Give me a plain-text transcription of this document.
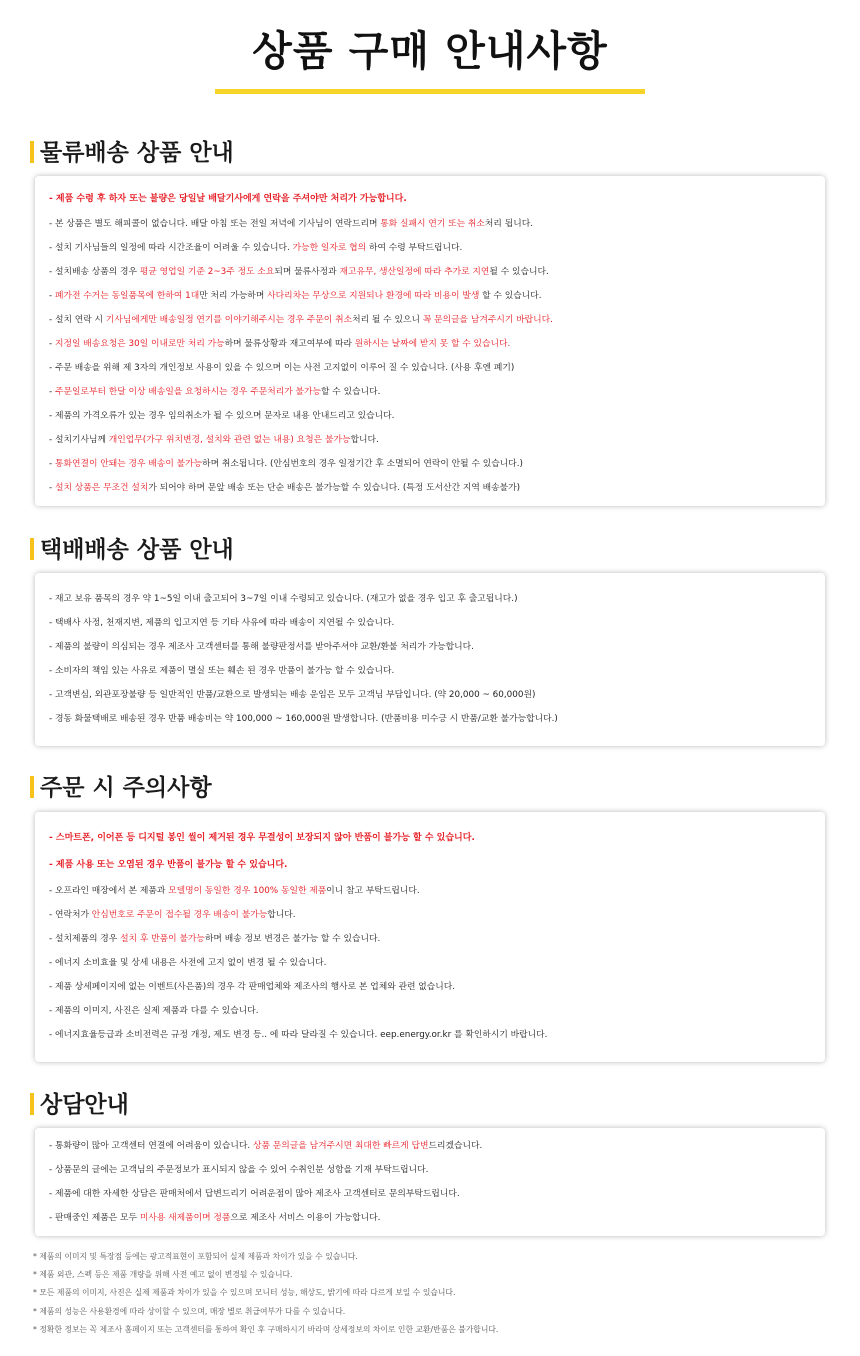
상품 구매 안내사항
물류배송 상품 안내
- 제품 수령 후 하자 또는 불량은 당일날 배달기사에게 연락을 주셔야만 처리가 가능합니다.
- 본 상품은 별도 해피콜이 없습니다. 배달 아침 또는 전일 저녁에 기사님이 연락드리며 통화 실패시 연기 또는 취소처리 됩니다.
- 설치 기사님들의 일정에 따라 시간조율이 어려울 수 있습니다. 가능한 일자로 협의 하여 수령 부탁드립니다.
- 설치배송 상품의 경우 평균 영업일 기준 2~3주 정도 소요되며 물류사정과 재고유무, 생산일정에 따라 추가로 지연될 수 있습니다.
- 폐가전 수거는 동일품목에 한하여 1대만 처리 가능하며 사다리차는 무상으로 지원되나 환경에 따라 비용이 발생 할 수 있습니다.
- 설치 연락 시 기사님에게만 배송일정 연기를 이야기해주시는 경우 주문이 취소처리 될 수 있으니 꼭 문의글을 남겨주시기 바랍니다.
- 지정일 배송요청은 30일 이내로만 처리 가능하며 물류상황과 재고여부에 따라 원하시는 날짜에 받지 못 할 수 있습니다.
- 주문 배송을 위해 제 3자의 개인정보 사용이 있을 수 있으며 이는 사전 고지없이 이루어 질 수 있습니다. (사용 후엔 폐기)
- 주문일로부터 한달 이상 배송일을 요청하시는 경우 주문처리가 불가능할 수 있습니다.
- 제품의 가격오류가 있는 경우 임의취소가 될 수 있으며 문자로 내용 안내드리고 있습니다.
- 설치기사님께 개인업무(가구 위치변경, 설치와 관련 없는 내용) 요청은 불가능합니다.
- 통화연결이 안돼는 경우 배송이 불가능하며 취소됩니다. (안심번호의 경우 일정기간 후 소멸되어 연락이 안될 수 있습니다.)
- 설치 상품은 무조건 설치가 되어야 하며 문앞 배송 또는 단순 배송은 불가능할 수 있습니다. (특정 도서산간 지역 배송불가)
택배배송 상품 안내
- 재고 보유 품목의 경우 약 1~5일 이내 출고되어 3~7일 이내 수령되고 있습니다. (재고가 없을 경우 입고 후 출고됩니다.)
- 택배사 사정, 천재지변, 제품의 입고지연 등 기타 사유에 따라 배송이 지연될 수 있습니다.
- 제품의 불량이 의심되는 경우 제조사 고객센터를 통해 불량판정서를 받아주셔야 교환/환불 처리가 가능합니다.
- 소비자의 책임 있는 사유로 제품이 멸실 또는 훼손 된 경우 반품이 불가능 할 수 있습니다.
- 고객변심, 외관포장불량 등 일반적인 반품/교환으로 발생되는 배송 운임은 모두 고객님 부담입니다. (약 20,000 ~ 60,000원)
- 경동 화물택배로 배송된 경우 반품 배송비는 약 100,000 ~ 160,000원 발생합니다. (반품비용 미수긍 시 반품/교환 불가능합니다.)
주문 시 주의사항
- 스마트폰, 이어폰 등 디지털 봉인 씰이 제거된 경우 무결성이 보장되지 않아 반품이 불가능 할 수 있습니다.
- 제품 사용 또는 오염된 경우 반품이 불가능 할 수 있습니다.
- 오프라인 매장에서 본 제품과 모델명이 동일한 경우 100% 동일한 제품이니 참고 부탁드립니다.
- 연락처가 안심번호로 주문이 접수될 경우 배송이 불가능합니다.
- 설치제품의 경우 설치 후 반품이 불가능하며 배송 정보 변경은 불가능 할 수 있습니다.
- 에너지 소비효율 및 상세 내용은 사전에 고지 없이 변경 될 수 있습니다.
- 제품 상세페이지에 없는 이벤트(사은품)의 경우 각 판매업체와 제조사의 행사로 본 업체와 관련 없습니다.
- 제품의 이미지, 사진은 실제 제품과 다를 수 있습니다.
- 에너지효율등급과 소비전력은 규정 개정, 제도 변경 등.. 에 따라 달라질 수 있습니다. eep.energy.or.kr 를 확인하시기 바랍니다.
상담안내
- 통화량이 많아 고객센터 연결에 어려움이 있습니다. 상품 문의글을 남겨주시면 최대한 빠르게 답변드리겠습니다.
- 상품문의 글에는 고객님의 주문정보가 표시되지 않을 수 있어 수취인분 성함을 기재 부탁드립니다.
- 제품에 대한 자세한 상담은 판매처에서 답변드리기 어려운점이 많아 제조사 고객센터로 문의부탁드립니다.
- 판매중인 제품은 모두 미사용 새제품이며 정품으로 제조사 서비스 이용이 가능합니다.
* 제품의 이미지 및 특장점 등에는 광고적표현이 포함되어 실제 제품과 차이가 있을 수 있습니다.
* 제품 외관, 스펙 등은 제품 개량을 위해 사전 예고 없이 변경될 수 있습니다.
* 모든 제품의 이미지, 사진은 실제 제품과 차이가 있을 수 있으며 모니터 성능, 해상도, 밝기에 따라 다르게 보일 수 있습니다.
* 제품의 성능은 사용환경에 따라 상이할 수 있으며, 매장 별로 취급여부가 다를 수 있습니다.
* 정확한 정보는 꼭 제조사 홈페이지 또는 고객센터를 통하여 확인 후 구매하시기 바라며 상세정보의 차이로 인한 교환/반품은 불가합니다.
